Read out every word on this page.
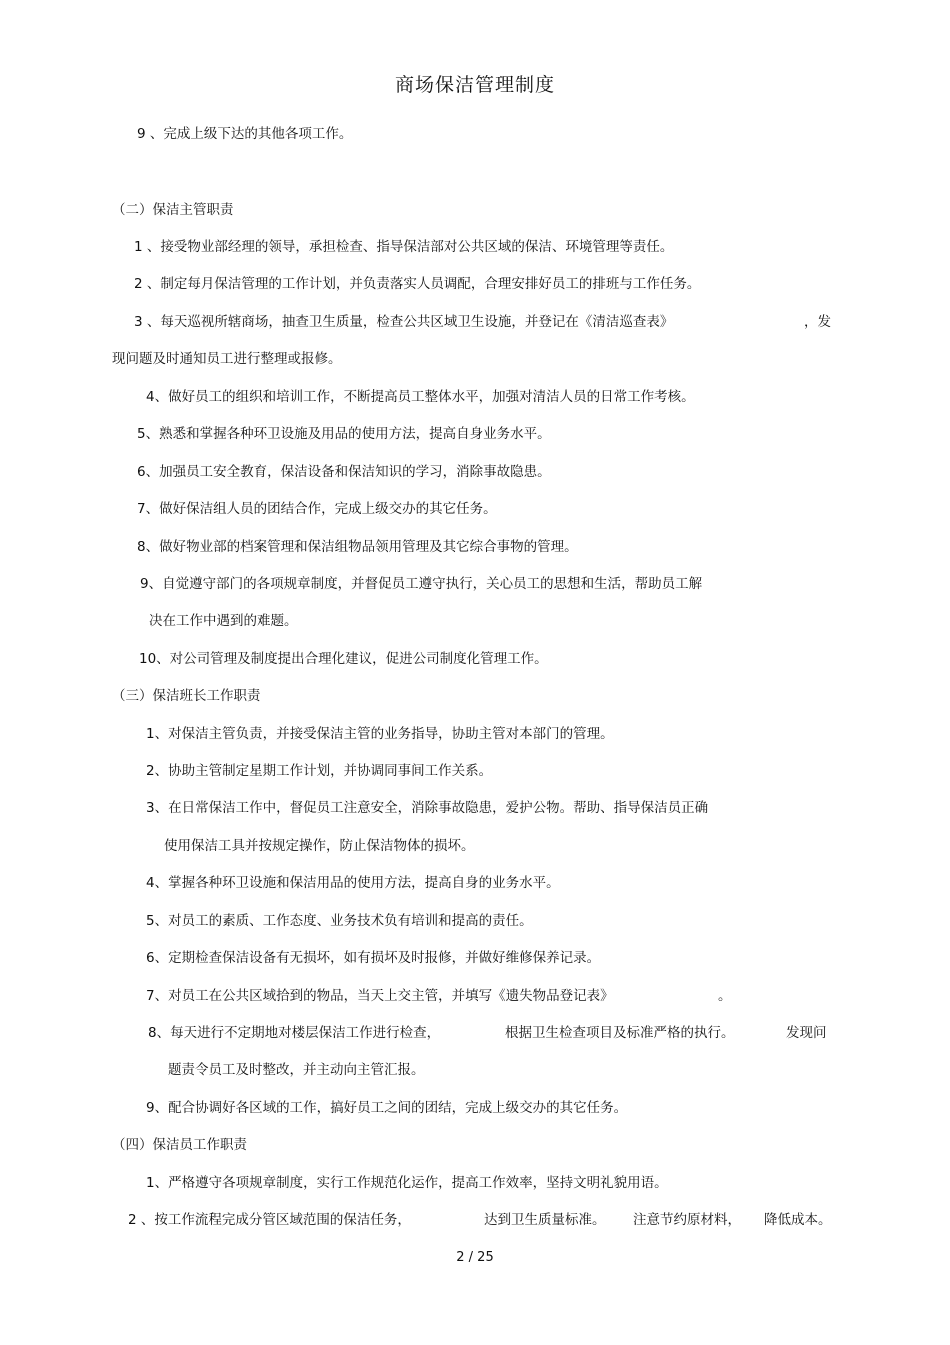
商场保洁管理制度
9 、完成上级下达的其他各项工作。
（二）保洁主管职责
1 、接受物业部经理的领导，承担检查、指导保洁部对公共区域的保洁、环境管理等责任。
2 、制定每月保洁管理的工作计划，并负责落实人员调配，合理安排好员工的排班与工作任务。
3 、每天巡视所辖商场，抽查卫生质量，检查公共区域卫生设施，并登记在《清洁巡查表》	，发
现问题及时通知员工进行整理或报修。
4、做好员工的组织和培训工作，不断提高员工整体水平，加强对清洁人员的日常工作考核。
5、熟悉和掌握各种环卫设施及用品的使用方法，提高自身业务水平。
6、加强员工安全教育，保洁设备和保洁知识的学习，消除事故隐患。
7、做好保洁组人员的团结合作，完成上级交办的其它任务。
8、做好物业部的档案管理和保洁组物品领用管理及其它综合事物的管理。
9、自觉遵守部门的各项规章制度，并督促员工遵守执行，关心员工的思想和生活，帮助员工解
决在工作中遇到的难题。
10、对公司管理及制度提出合理化建议，促进公司制度化管理工作。
（三）保洁班长工作职责
1、对保洁主管负责，并接受保洁主管的业务指导，协助主管对本部门的管理。
2、协助主管制定星期工作计划，并协调同事间工作关系。
3、在日常保洁工作中，督促员工注意安全，消除事故隐患，爱护公物。帮助、指导保洁员正确
使用保洁工具并按规定操作，防止保洁物体的损坏。
4、掌握各种环卫设施和保洁用品的使用方法，提高自身的业务水平。
5、对员工的素质、工作态度、业务技术负有培训和提高的责任。
6、定期检查保洁设备有无损坏，如有损坏及时报修，并做好维修保养记录。
7、对员工在公共区域拾到的物品，当天上交主管，并填写《遗失物品登记表》	。
8、每天进行不定期地对楼层保洁工作进行检查，	根据卫生检查项目及标准严格的执行。	发现问
题责令员工及时整改，并主动向主管汇报。
9、配合协调好各区域的工作，搞好员工之间的团结，完成上级交办的其它任务。
（四）保洁员工作职责
1、严格遵守各项规章制度，实行工作规范化运作，提高工作效率，坚持文明礼貌用语。
2 、按工作流程完成分管区域范围的保洁任务，	达到卫生质量标准。 注意节约原材料， 降低成本。
2 / 25
